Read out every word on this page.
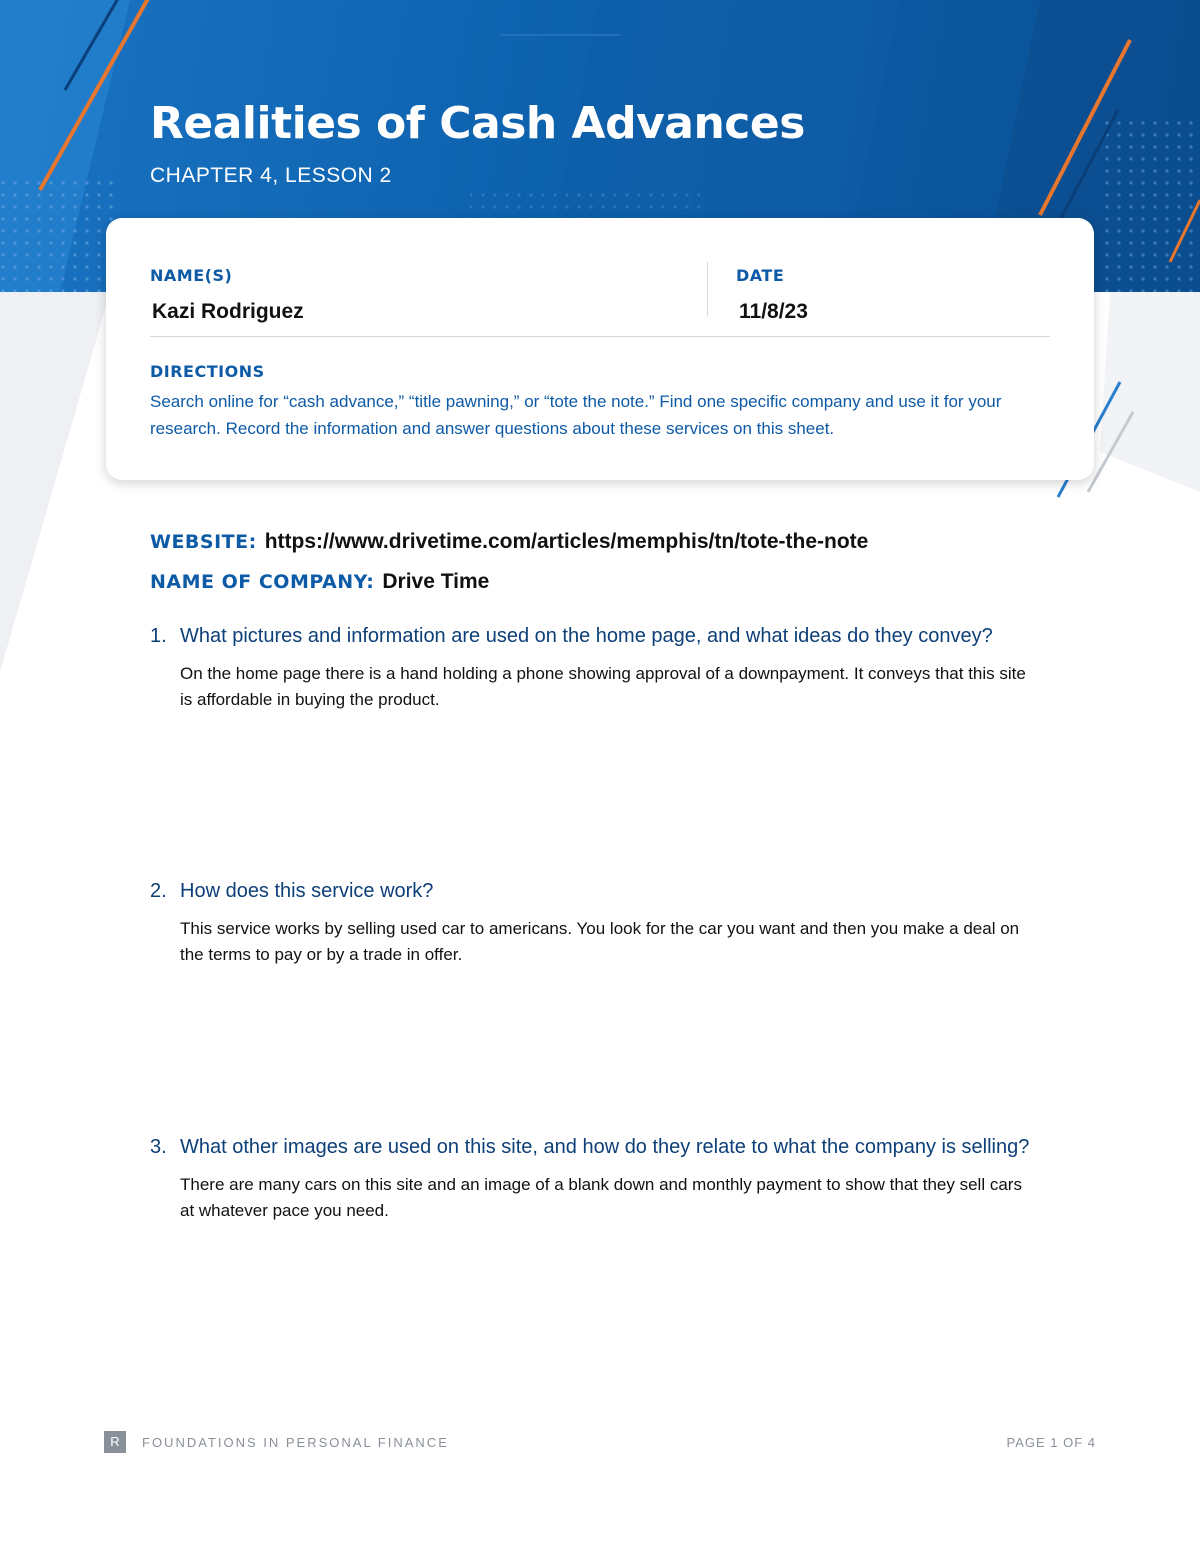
Realities of Cash Advances
CHAPTER 4, LESSON 2
NAME(S)
Kazi Rodriguez
DATE
11/8/23
DIRECTIONS
Search online for “cash advance,” “title pawning,” or “tote the note.” Find one specific company and use it for your research. Record the information and answer questions about these services on this sheet.
WEBSITE: https://www.drivetime.com/articles/memphis/tn/tote-the-note
NAME OF COMPANY: Drive Time
1. What pictures and information are used on the home page, and what ideas do they convey?
On the home page there is a hand holding a phone showing approval of a downpayment. It conveys that this site is affordable in buying the product.
2. How does this service work?
This service works by selling used car to americans. You look for the car you want and then you make a deal on the terms to pay or by a trade in offer.
3. What other images are used on this site, and how do they relate to what the company is selling?
There are many cars on this site and an image of a blank down and monthly payment to show that they sell cars at whatever pace you need.
R	FOUNDATIONS IN PERSONAL FINANCE	PAGE 1 OF 4
